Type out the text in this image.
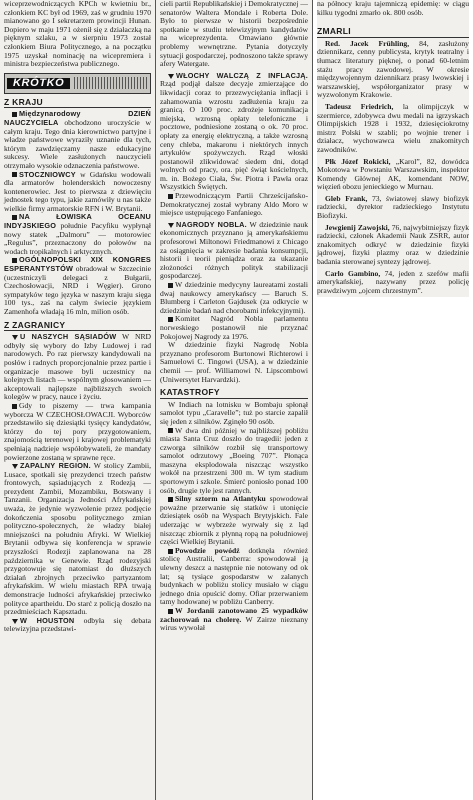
wiceprzewodniczących KPCh w kwietniu br., członkiem KC był od 1969, zaś w grudniu 1970 mianowano go I sekretarzem prowincji Hunan. Dopiero w maju 1971 ożenił się z działaczką na pięknym szlaku, a w sierpniu 1973 został członkiem Biura Politycznego, a na początku 1975 uzyskał nominację na wicepremiera i ministra bezpieczeństwa publicznego.

KRÓTKO
Z KRAJU

Międzynarodowy DZIEŃ NAUCZYCIELA obchodzono uroczyście w całym kraju. Tego dnia kierownictwo partyjne i władze państwowe wyraziły uznanie dla tych, którym zawdzięczamy nasze edukacyjne sukcesy. Wiele zasłużonych nauczycieli otrzymało wysokie odznaczenia państwowe.

STOCZNIOWCY w Gdańsku wodowali dla armatorów holenderskich nowoczesny kontenerowiec. Jest to pierwsza z dziewięciu jednostek tego typu, jakie zamówiły u nas także wielkie firmy armatorskie RFN i W. Brytanii.

NA ŁOWISKA OCEANU INDYJSKIEGO południe Pacyfiku wypłynął nowy statek „Dalmoru” — motorowiec „Regulus”, przeznaczony do połowów na wodach tropikalnych i arktycznych.

OGÓLNOPOLSKI XIX KONGRES ESPERANTYSTÓW obradował w Szczecinie (uczestniczyli delegaci z Bułgarii, Czechosłowacji, NRD i Węgier). Grono sympatyków tego języka w naszym kraju sięga 100 tys., zaś na całym świecie językiem Zamenhofa władają 16 mln, milion osób.

Z ZAGRANICY

U NASZYCH SĄSIADÓW W NRD odbyły się wybory do Izby Ludowej i rad narodowych. Po raz pierwszy kandydowali na posłów i radnych proporcjonalnie przez partie i organizacje masowe byli uczestnicy na kolejnych listach — wspólnym głosowaniem — akceptowali najlepsze najbliższych swoich kolegów w pracy, nauce i życiu.

Gdy to piszemy — trwa kampania wyborcza W CZECHOSŁOWACJI. Wyborców przedstawiło się dziesiątki tysięcy kandydatów, którzy do tej pory przygotowaniem, znajomością terenowej i krajowej problematyki spełniają nadzieje współobywateli, że mandaty powierzone zostaną w sprawne ręce.

ZAPALNY REGION. W stolicy Zambii, Lusace, spotkali się prezydenci trzech państw frontowych, sąsiadujących z Rodezją — prezydent Zambii, Mozambiku, Botswany i Tanzanii. Organizacja Jedności Afrykańskiej uważa, że jedynie wyzwolenie przez podjęcie dokończenia sposobu politycznego zmian polityczno-społecznych, że władzy białej mniejszości na południu Afryki. W Wielkiej Brytanii odbywa się konferencja w sprawie przyszłości Rodezji zaplanowana na 28 października w Genewie. Rząd rodezyjski przygotowuje się natomiast do dłuższych działań zbrojnych przeciwko partyzantom afrykańskim. W wielu miastach RPA trwają demonstracje ludności afrykańskiej przeciwko polityce apartheidu. Do starć z policją doszło na przedmieściach Kapsztadu.

W HOUSTON odbyła się debata telewizyjna przedstawi-

cieli partii Republikańskiej i Demokratycznej — senatorów Waltera Mondale i Roberta Dole. Było to pierwsze w historii bezpośrednie spotkanie w studiu telewizyjnym kandydatów na wiceprezydenta. Omawiano głównie problemy wewnętrzne. Pytania dotyczyły sytuacji gospodarczej, podnoszono także sprawy afery Watergate.

WŁOCHY WALCZĄ Z INFLACJĄ. Rząd podjął dalsze decyzje zmierzające do likwidacji coraz to przezwyciężania inflacji i zahamowania wzrostu zadłużenia kraju za granicą. O 100 proc. zdrożeje komunikacja miejska, wzrosną opłaty telefoniczne i pocztowe, podniesione zostaną o ok. 70 proc. opłaty za energię elektryczną, a także wzrosną ceny chleba, makaronu i niektórych innych artykułów spożywczych. Rząd włoski postanowił zlikwidować siedem dni, dotąd wolnych od pracy, ora. pięć świąt kościelnych, m. in. Bożego Ciała, Św. Piotra i Pawła oraz Wszystkich Świętych.

Przewodniczącym Partii Chrześcijańsko-Demokratycznej został wybrany Aldo Moro w miejsce ustępującego Fanfaniego.

NAGRODY NOBLA. W dziedzinie nauk ekonomicznych przyznano ją amerykańskiemu profesorowi Miltonowi Friedmanowi z Chicago za osiągnięcia w zakresie badania konsumpcji, historii i teorii pieniądza oraz za ukazanie złożoności różnych polityk stabilizacji gospodarczej.

W dziedzinie medycyny laureatami zostali dwaj naukowcy amerykańscy — Baruch S. Blumberg i Carleton Gajdusek (za odkrycie w dziedzinie badań nad chorobami infekcyjnymi).

Komitet Nagród Nobla parlamentu norweskiego postanowił nie przyznać Pokojowej Nagrody za 1976.

W dziedzinie fizyki Nagrodę Nobla przyznano profesorom Burtonowi Richterowi i Samuelowi C. Tingowi (USA), a w dziedzinie chemii — prof. Williamowi N. Lipscombowi (Uniwersytet Harvardzki).

KATASTROFY

W Indiach na lotnisku w Bombaju spłonął samolot typu „Caravelle”; tuż po starcie zapalił się jeden z silników. Zginęło 90 osób.

W dwa dni później w najbliższej pobliżu miasta Santa Cruz doszło do tragedii: jeden z czworga silników rozbił się transportowy samolot odrzutowy „Boeing 707”. Płonąca maszyna eksplodowała niszcząc wszystko wokół na przestrzeni 300 m. W tym stadium sportowym i szkole. Śmierć poniosło ponad 100 osób, drugie tyle jest rannych.

Silny sztorm na Atlantyku spowodował poważne przerwanie się statków i utonięcie dziesiątek osób na Wyspach Brytyjskich. Fale uderzając w wybrzeże wyrwały się z ląd niszcząc zbiornik z płynną ropą na południowej części Wielkiej Brytanii.

Powodzie powódź dotknęła również stolicę Australii, Canberra: spowodował ją ulewny deszcz a następnie nie notowany od ok lat; są tysiące gospodarstw w zalanych budynkach w pobliżu stolicy musiało w ciągu jednego dnia opuścić domy. Ofiar przerwaniem tamy hodowanej w pobliżu Canberry.

W Jordanii zanotowano 25 wypadków zachorowań na cholerę. W Zairze nieznany wirus wywołał

na północy kraju tajemniczą epidemię: w ciągu kilku tygodni zmarło ok. 800 osób.

ZMARLI

Red. Jacek Frühling, 84, zasłużony dziennikarz, cenny publicysta, krytyk teatralny i tłumacz literatury pięknej, o ponad 60-letnim stażu pracy zawodowej. W okresie międzywojennym dziennikarz prasy lwowskiej i warszawskiej, współorganizator prasy w wyzwolonym Krakowie.

Tadeusz Friedrich, la olimpijczyk w szermierce, zdobywca dwu medali na igrzyskach Olimpijskich 1928 i 1932, dziesięciokrotny mistrz Polski w szabli; po wojnie trener i działacz, wychowawca wielu znakomitych zawodników.

Płk Józef Rokicki, „Karol”, 82, dowódca Mokotowa w Powstaniu Warszawskim, inspektor Komendy Głównej AK, komendant NOW, więzień obozu jenieckiego w Murnau.

Gleb Frank, 73, światowej sławy biofizyk radziecki, dyrektor radzieckiego Instytutu Biofizyki.

Jewgienij Zawojski, 76, najwybitniejszy fizyk radziecki, członek Akademii Nauk ZSRR, autor znakomitych odkryć w dziedzinie fizyki jądrowej, fizyki plazmy oraz w dziedzinie badania sterowanej syntezy jądrowej.

Carlo Gambino, 74, jeden z szefów mafii amerykańskiej, nazywany przez policję prawdziwym „ojcem chrzestnym”.
